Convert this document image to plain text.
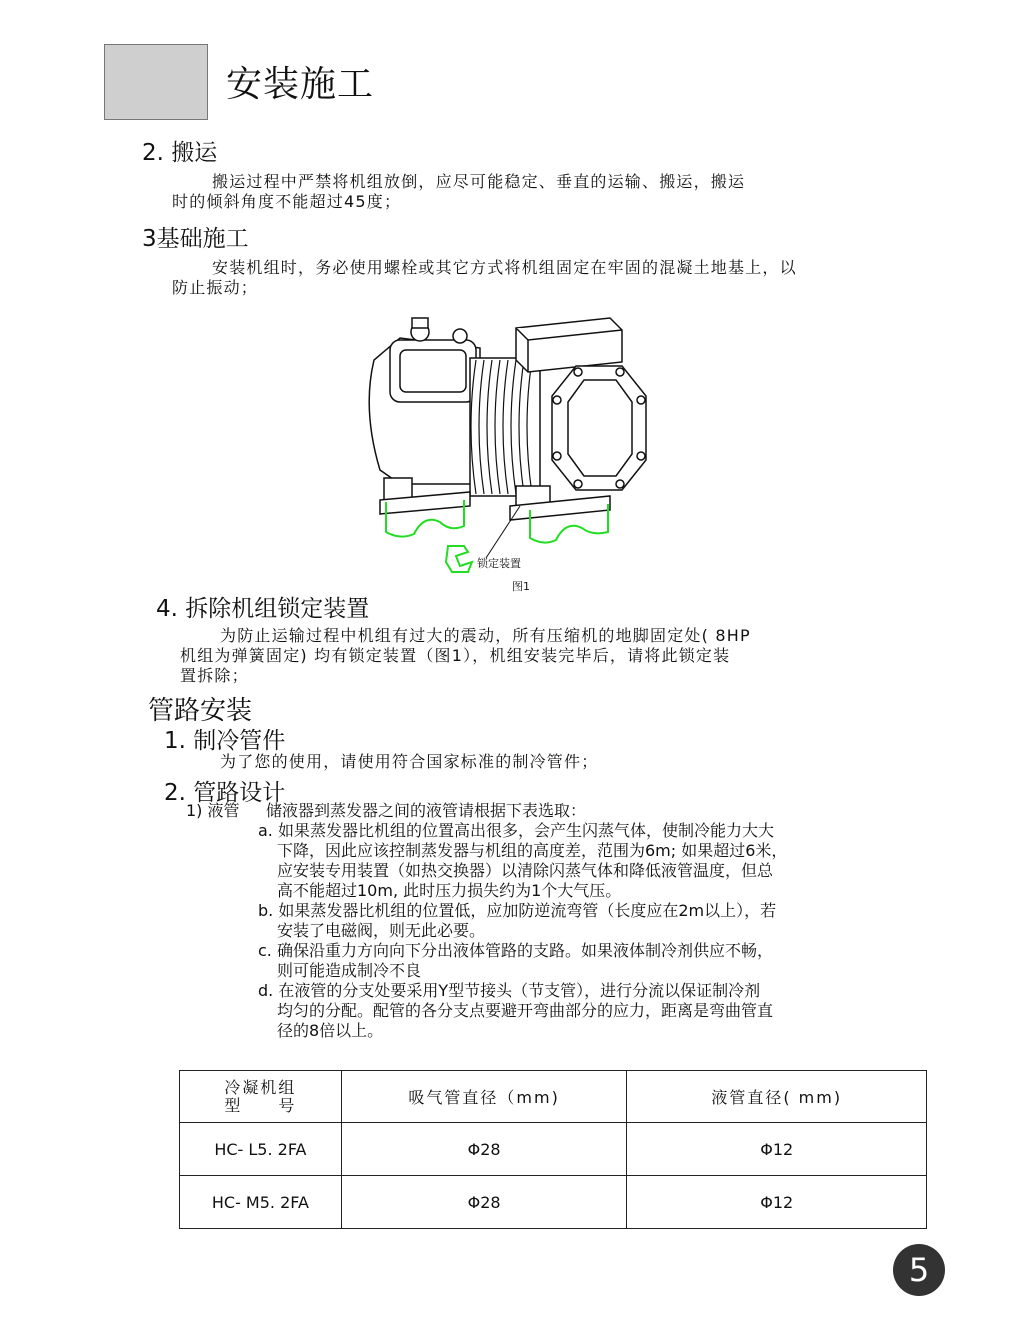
安装施工
2. 搬运
搬运过程中严禁将机组放倒，应尽可能稳定、垂直的运输、搬运，搬运
时的倾斜角度不能超过45度；
3基础施工
安装机组时，务必使用螺栓或其它方式将机组固定在牢固的混凝土地基上，以
防止振动；
锁定装置
图1
4. 拆除机组锁定装置
为防止运输过程中机组有过大的震动，所有压缩机的地脚固定处( 8HP
机组为弹簧固定) 均有锁定装置（图1），机组安装完毕后，请将此锁定装
置拆除；
管路安装
1. 制冷管件
为了您的使用，请使用符合国家标准的制冷管件；
2. 管路设计
1) 液管 储液器到蒸发器之间的液管请根据下表选取：
a. 如果蒸发器比机组的位置高出很多，会产生闪蒸气体，使制冷能力大大
下降，因此应该控制蒸发器与机组的高度差，范围为6m; 如果超过6米，
应安装专用装置（如热交换器）以清除闪蒸气体和降低液管温度，但总
高不能超过10m, 此时压力损失约为1个大气压。
b. 如果蒸发器比机组的位置低，应加防逆流弯管（长度应在2m以上），若
安装了电磁阀，则无此必要。
c. 确保沿重力方向向下分出液体管路的支路。如果液体制冷剂供应不畅，
则可能造成制冷不良
d. 在液管的分支处要采用Y型节接头（节支管），进行分流以保证制冷剂
均匀的分配。配管的各分支点要避开弯曲部分的应力，距离是弯曲管直
径的8倍以上。
冷凝机组
型　　号	吸气管直径（mm)	液管直径( mm)
HC- L5. 2FA	Φ28	Φ12
HC- M5. 2FA	Φ28	Φ12
5
